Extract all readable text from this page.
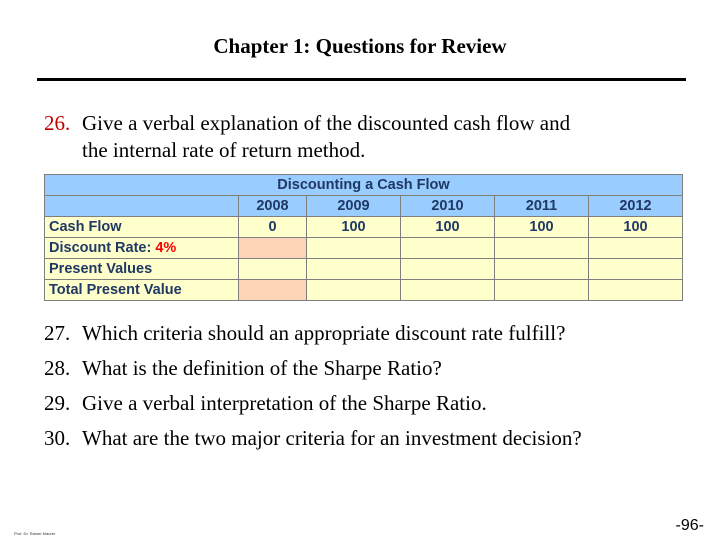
Chapter 1: Questions for Review
26. Give a verbal explanation of the discounted cash flow and
the internal rate of return method.
Discounting a Cash Flow					
	2008	2009	2010	2011	2012
Cash Flow	0	100	100	100	100
Discount Rate: 4%					
Present Values					
Total Present Value					
27. Which criteria should an appropriate discount rate fulfill?
28. What is the definition of the Sharpe Ratio?
29. Give a verbal interpretation of the Sharpe Ratio.
30. What are the two major criteria for an investment decision?
Prof. Dr. Rainer Maurer	-96-
